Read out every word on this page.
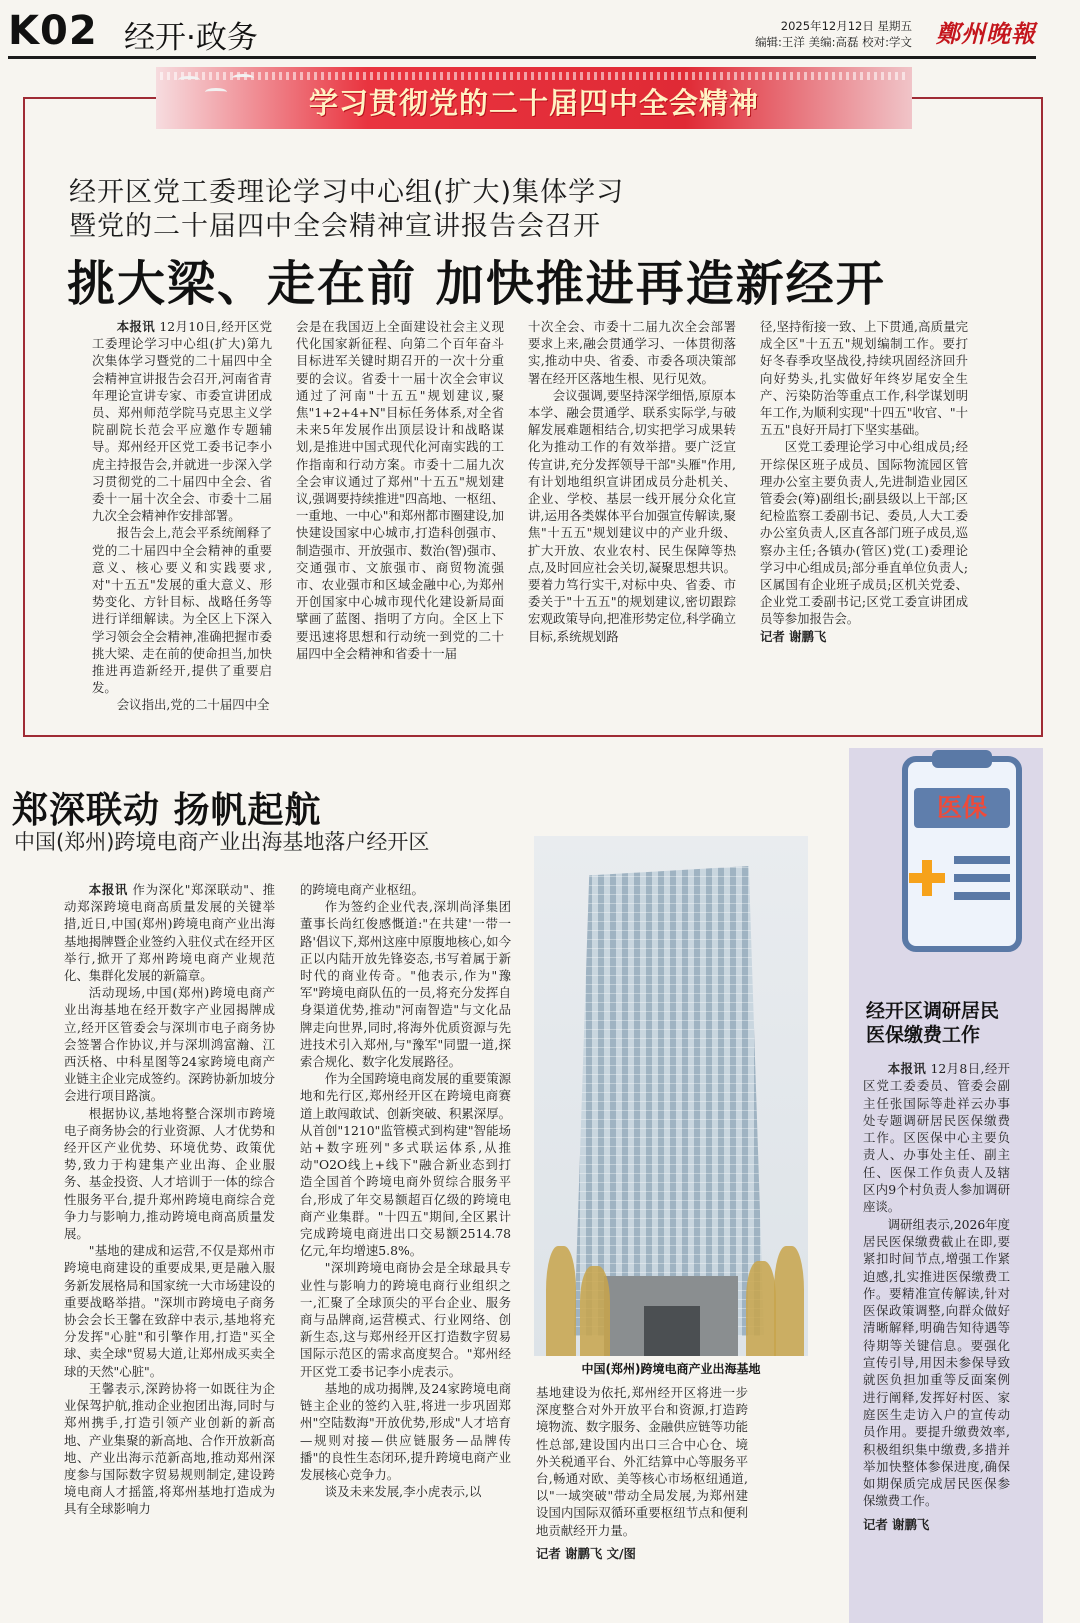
K02 经开·政务	2025年12月12日 星期五
编辑:王洋 美编:高磊 校对:学文 鄭州晚報
学习贯彻党的二十届四中全会精神
经开区党工委理论学习中心组(扩大)集体学习
暨党的二十届四中全会精神宣讲报告会召开
挑大梁、走在前 加快推进再造新经开

本报讯 12月10日,经开区党工委理论学习中心组(扩大)第九次集体学习暨党的二十届四中全会精神宣讲报告会召开,河南省青年理论宣讲专家、市委宣讲团成员、郑州师范学院马克思主义学院副院长范会平应邀作专题辅导。郑州经开区党工委书记李小虎主持报告会,并就进一步深入学习贯彻党的二十届四中全会、省委十一届十次全会、市委十二届九次全会精神作安排部署。

报告会上,范会平系统阐释了党的二十届四中全会精神的重要意义、核心要义和实践要求,对"十五五"发展的重大意义、形势变化、方针目标、战略任务等进行详细解读。为全区上下深入学习领会全会精神,准确把握市委挑大梁、走在前的使命担当,加快推进再造新经开,提供了重要启发。

会议指出,党的二十届四中全

会是在我国迈上全面建设社会主义现代化国家新征程、向第二个百年奋斗目标进军关键时期召开的一次十分重要的会议。省委十一届十次全会审议通过了河南"十五五"规划建议,聚焦"1+2+4+N"目标任务体系,对全省未来5年发展作出顶层设计和战略谋划,是推进中国式现代化河南实践的工作指南和行动方案。市委十二届九次全会审议通过了郑州"十五五"规划建议,强调要持续推进"四高地、一枢纽、一重地、一中心"和郑州都市圈建设,加快建设国家中心城市,打造科创强市、制造强市、开放强市、数治(智)强市、交通强市、文旅强市、商贸物流强市、农业强市和区域金融中心,为郑州开创国家中心城市现代化建设新局面擘画了蓝图、指明了方向。全区上下要迅速将思想和行动统一到党的二十届四中全会精神和省委十一届

十次全会、市委十二届九次全会部署要求上来,融会贯通学习、一体贯彻落实,推动中央、省委、市委各项决策部署在经开区落地生根、见行见效。

会议强调,要坚持深学细悟,原原本本学、融会贯通学、联系实际学,与破解发展难题相结合,切实把学习成果转化为推动工作的有效举措。要广泛宣传宣讲,充分发挥领导干部"头雁"作用,有计划地组织宣讲团成员分赴机关、企业、学校、基层一线开展分众化宣讲,运用各类媒体平台加强宣传解读,聚焦"十五五"规划建议中的产业升级、扩大开放、农业农村、民生保障等热点,及时回应社会关切,凝聚思想共识。要着力笃行实干,对标中央、省委、市委关于"十五五"的规划建议,密切跟踪宏观政策导向,把准形势定位,科学确立目标,系统规划路

径,坚持衔接一致、上下贯通,高质量完成全区"十五五"规划编制工作。要打好冬春季攻坚战役,持续巩固经济回升向好势头,扎实做好年终岁尾安全生产、污染防治等重点工作,科学谋划明年工作,为顺利实现"十四五"收官、"十五五"良好开局打下坚实基础。

区党工委理论学习中心组成员;经开综保区班子成员、国际物流园区管理办公室主要负责人,先进制造业园区管委会(筹)副组长;副县级以上干部;区纪检监察工委副书记、委员,人大工委办公室负责人,区直各部门班子成员,巡察办主任;各镇办(管区)党(工)委理论学习中心组成员;部分垂直单位负责人;区属国有企业班子成员;区机关党委、企业党工委副书记;区党工委宣讲团成员等参加报告会。

记者 谢鹏飞

郑深联动 扬帆起航
中国(郑州)跨境电商产业出海基地落户经开区

本报讯 作为深化"郑深联动"、推动郑深跨境电商高质量发展的关键举措,近日,中国(郑州)跨境电商产业出海基地揭牌暨企业签约入驻仪式在经开区举行,掀开了郑州跨境电商产业规范化、集群化发展的新篇章。

活动现场,中国(郑州)跨境电商产业出海基地在经开数字产业园揭牌成立,经开区管委会与深圳市电子商务协会签署合作协议,并与深圳鸿富瀚、江西沃格、中科星图等24家跨境电商产业链主企业完成签约。深跨协新加坡分会进行项目路演。

根据协议,基地将整合深圳市跨境电子商务协会的行业资源、人才优势和经开区产业优势、环境优势、政策优势,致力于构建集产业出海、企业服务、基金投资、人才培训于一体的综合性服务平台,提升郑州跨境电商综合竞争力与影响力,推动跨境电商高质量发展。

"基地的建成和运营,不仅是郑州市跨境电商建设的重要成果,更是融入服务新发展格局和国家统一大市场建设的重要战略举措。"深圳市跨境电子商务协会会长王馨在致辞中表示,基地将充分发挥"心脏"和引擎作用,打造"买全球、卖全球"贸易大道,让郑州成买卖全球的天然"心脏"。

王馨表示,深跨协将一如既往为企业保驾护航,推动企业抱团出海,同时与郑州携手,打造引领产业创新的新高地、产业集聚的新高地、合作开放新高地、产业出海示范新高地,推动郑州深度参与国际数字贸易规则制定,建设跨境电商人才摇篮,将郑州基地打造成为具有全球影响力

的跨境电商产业枢纽。

作为签约企业代表,深圳尚泽集团董事长尚红俊感慨道:"在共建'一带一路'倡议下,郑州这座中原腹地核心,如今正以内陆开放先锋姿态,书写着属于新时代的商业传奇。"他表示,作为"豫军"跨境电商队伍的一员,将充分发挥自身渠道优势,推动"河南智造"与文化品牌走向世界,同时,将海外优质资源与先进技术引入郑州,与"豫军"同盟一道,探索合规化、数字化发展路径。

作为全国跨境电商发展的重要策源地和先行区,郑州经开区在跨境电商赛道上敢闯敢试、创新突破、积累深厚。从首创"1210"监管模式到构建"智能场站+数字班列"多式联运体系,从推动"O2O线上+线下"融合新业态到打造全国首个跨境电商外贸综合服务平台,形成了年交易额超百亿级的跨境电商产业集群。"十四五"期间,全区累计完成跨境电商进出口交易额2514.78亿元,年均增速5.8%。

"深圳跨境电商协会是全球最具专业性与影响力的跨境电商行业组织之一,汇聚了全球顶尖的平台企业、服务商与品牌商,运营模式、行业网络、创新生态,这与郑州经开区打造数字贸易国际示范区的需求高度契合。"郑州经开区党工委书记李小虎表示。

基地的成功揭牌,及24家跨境电商链主企业的签约入驻,将进一步巩固郑州"空陆数海"开放优势,形成"人才培育—规则对接—供应链服务—品牌传播"的良性生态闭环,提升跨境电商产业发展核心竞争力。

谈及未来发展,李小虎表示,以

中国(郑州)跨境电商产业出海基地

基地建设为依托,郑州经开区将进一步深度整合对外开放平台和资源,打造跨境物流、数字服务、金融供应链等功能性总部,建设国内出口三合中心仓、境外关税通平台、外汇结算中心等服务平台,畅通对欧、美等核心市场枢纽通道,以"一域突破"带动全局发展,为郑州建设国内国际双循环重要枢纽节点和便利地贡献经开力量。

记者 谢鹏飞 文/图

医保
经开区调研居民
医保缴费工作

本报讯 12月8日,经开区党工委委员、管委会副主任张国际等赴祥云办事处专题调研居民医保缴费工作。区医保中心主要负责人、办事处主任、副主任、医保工作负责人及辖区内9个村负责人参加调研座谈。

调研组表示,2026年度居民医保缴费截止在即,要紧扣时间节点,增强工作紧迫感,扎实推进医保缴费工作。要精准宣传解读,针对医保政策调整,向群众做好清晰解释,明确告知待遇等待期等关键信息。要强化宣传引导,用因未参保导致就医负担加重等反面案例进行阐释,发挥好村医、家庭医生走访入户的宣传动员作用。要提升缴费效率,积极组织集中缴费,多措并举加快整体参保进度,确保如期保质完成居民医保参保缴费工作。

记者 谢鹏飞
